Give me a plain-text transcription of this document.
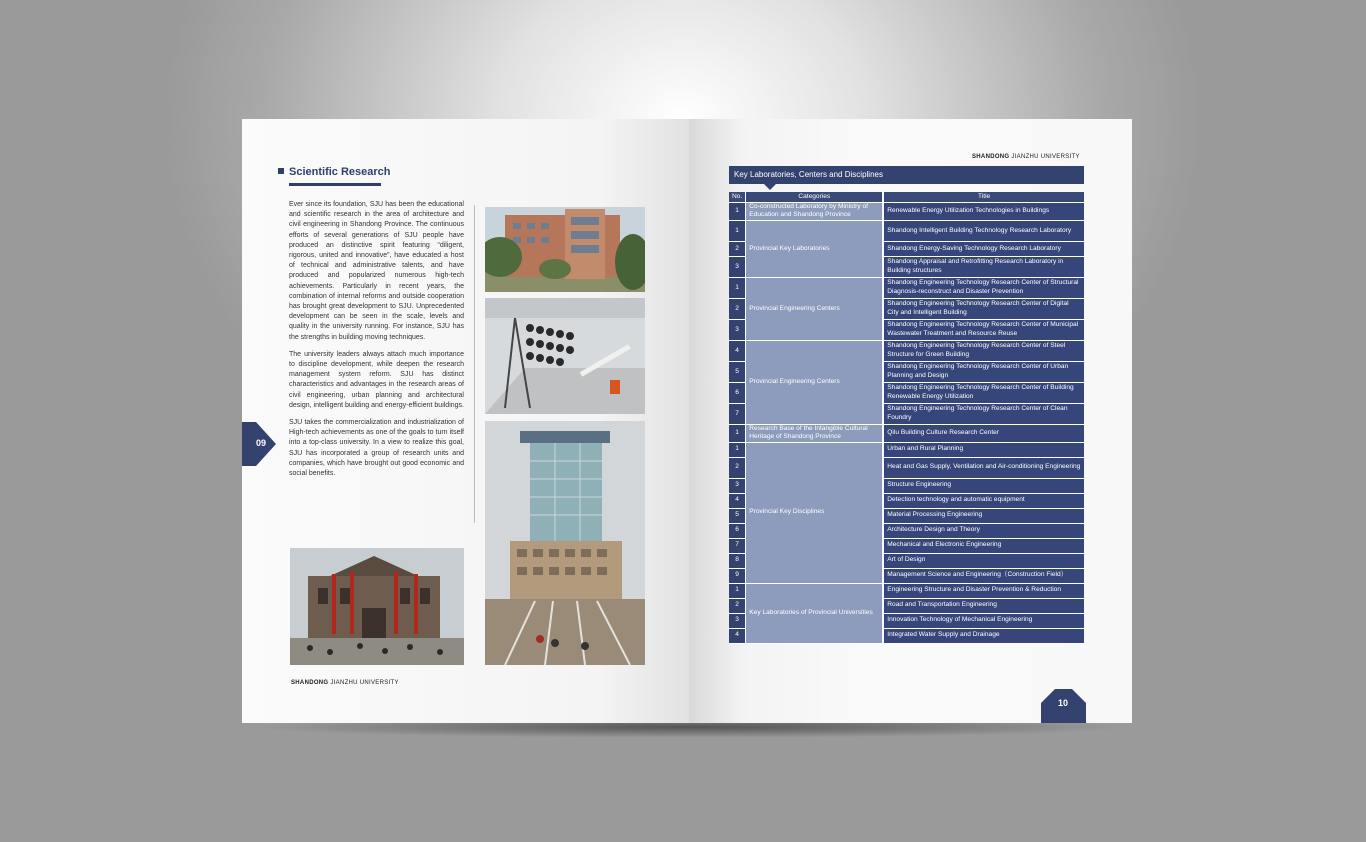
Scientific Research

Ever since its foundation, SJU has been the educational and scientific research in the area of architecture and civil engineering in Shandong Province. The continuous efforts of several generations of SJU people have produced an distinctive spirit featuring “diligent, rigorous, united and innovative”, have educated a host of technical and administrative talents, and have produced and popularized numerous high-tech achievements. Particularly in recent years, the combination of internal reforms and outside cooperation has brought great development to SJU. Unprecedented development can be seen in the scale, levels and quality in the university running. For instance, SJU has the strengths in building moving techniques.

The university leaders always attach much importance to discipline development, while deepen the research management system reform. SJU has distinct characteristics and advantages in the research areas of civil engineering, urban planning and architectural design, intelligent building and energy-efficient buildings.

SJU takes the commercialization and industrialization of High-tech achievements as one of the goals to turn itself into a top-class university. In a view to realize this goal, SJU has incorporated a group of research units and companies, which have brought out good economic and social benefits.

09
SHANDONG JIANZHU UNIVERSITY
SHANDONG JIANZHU UNIVERSITY
Key Laboratories, Centers and Disciplines
No.	Categories		Title
1	Co-constructed Laboratory by Ministry of Education and Shandong Province		Renewable Energy Utilization Technologies in Buildings
1	Provincial Key Laboratories		Shandong Intelligent Building Technology Research Laboratory
2			Shandong Energy-Saving Technology Research Laboratory
3			Shandong Appraisal and Retrofitting Research Laboratory in Building structures
1	Provincial Engineering Centers		Shandong Engineering Technology Research Center of Structural Diagnosis-reconstruct and Disaster Prevention
2			Shandong Engineering Technology Research Center of Digital City and Intelligent Building
3			Shandong Engineering Technology Research Center of Municipal Wastewater Treatment and Resource Reuse
4	Provincial Engineering Centers		Shandong Engineering Technology Research Center of Steel Structure for Green Building
5			Shandong Engineering Technology Research Center of Urban Planning and Design
6			Shandong Engineering Technology Research Center of Building Renewable Energy Utilization
7			Shandong Engineering Technology Research Center of Clean Foundry
1	Research Base of the Intangible Cultural Heritage of Shandong Province		Qilu Building Culture Research Center
1	Provincial Key Disciplines		Urban and Rural Planning
2			Heat and Gas Supply, Ventilation and Air-conditioning Engineering
3			Structure Engineering
4			Detection technology and automatic equipment
5			Material Processing Engineering
6			Architecture Design and Theory
7			Mechanical and Electronic Engineering
8			Art of Design
9			Management Science and Engineering（Construction Field）
1	Key Laboratories of Provincial Universities		Engineering Structure and Disaster Prevention & Reduction
2			Road and Transportation Engineering
3			Innovation Technology of Mechanical Engineering
4			Integrated Water Supply and Drainage
10
